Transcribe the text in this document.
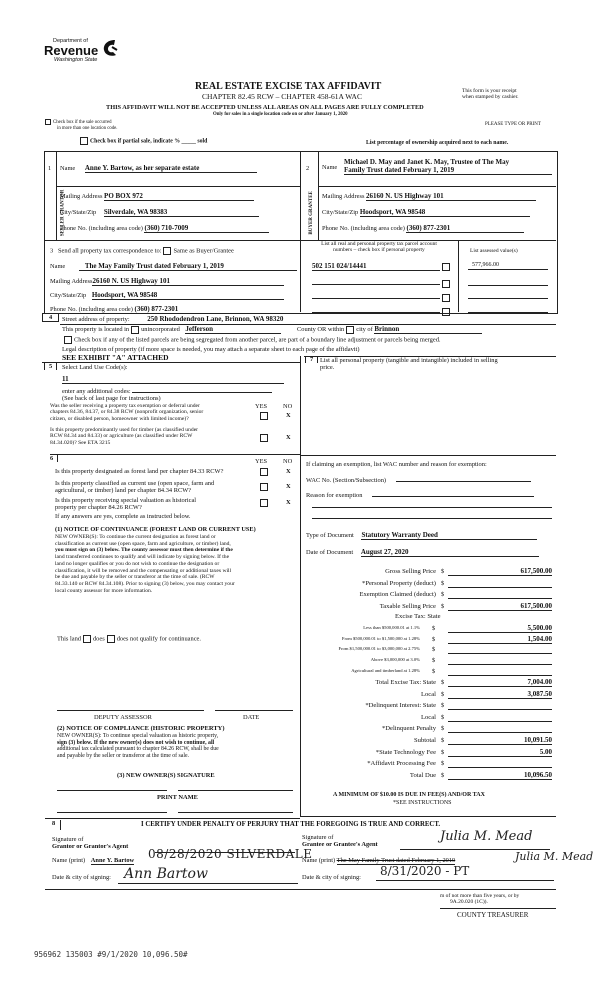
Department of
Revenue
Washington State
REAL ESTATE EXCISE TAX AFFIDAVIT
CHAPTER 82.45 RCW – CHAPTER 458-61A WAC
THIS AFFIDAVIT WILL NOT BE ACCEPTED UNLESS ALL AREAS ON ALL PAGES ARE FULLY COMPLETED
Only for sales in a single location code on or after January 1, 2020
This form is your receipt
when stamped by cashier.
Check box if the sale occurred
in more than one location code.
PLEASE TYPE OR PRINT
Check box if partial sale, indicate % _____ sold	List percentage of ownership acquired next to each name.
1
SELLER GRANTOR
Name Anne Y. Bartow, as her separate estate
Mailing Address PO BOX 972
City/State/Zip Silverdale, WA 98383
Phone No. (including area code) (360) 710-7009
2
BUYER GRANTEE
Name
Michael D. May and Janet K. May, Trustee of The May
Family Trust dated February 1, 2019
Mailing Address 26160 N. US Highway 101
City/State/Zip Hoodsport, WA 98548
Phone No. (including area code) (360) 877-2301
3 Send all property tax correspondence to: Same as Buyer/Grantee
Name	The May Family Trust dated February 1, 2019
Mailing Address26160 N. US Highway 101
City/State/Zip Hoodsport, WA 98548
Phone No. (including area code) (360) 877-2301
List all real and personal property tax parcel account
numbers – check box if personal property
502 151 024/14441
List assessed value(s)
577,966.00
4	Street address of property:	250 Rhododendron Lane, Brinnon, WA 98320
This property is located in unincorporated Jefferson	County OR within city of Brinnon
Check box if any of the listed parcels are being segregated from another parcel, are part of a boundary line adjustment or parcels being merged.
Legal description of property (if more space is needed, you may attach a separate sheet to each page of the affidavit)
SEE EXHIBIT "A" ATTACHED
5	Select Land Use Code(s):
11
enter any additional codes:
(See back of last page for instructions)
YES NO
Was the seller receiving a property tax exemption or deferral under
chapters 84.36, 84.37, or 84.38 RCW (nonprofit organization, senior
citizen, or disabled person, homeowner with limited income)?	X
Is this property predominantly used for timber (as classified under
RCW 84.34 and 84.33) or agriculture (as classified under RCW
84.34.020)? See ETA 3215
X
6	YES NO
Is this property designated as forest land per chapter 84.33 RCW?	X
Is this property classified as current use (open space, farm and
agricultural, or timber) land per chapter 84.34 RCW?
X
Is this property receiving special valuation as historical
property per chapter 84.26 RCW?
X
If any answers are yes, complete as instructed below.
(1) NOTICE OF CONTINUANCE (FOREST LAND OR CURRENT USE)
NEW OWNER(S): To continue the current designation as forest land or
classification as current use (open space, farm and agriculture, or timber) land,
you must sign on (3) below. The county assessor must then determine if the
land transferred continues to qualify and will indicate by signing below. If the
land no longer qualifies or you do not wish to continue the designation or
classification, it will be removed and the compensating or additional taxes will
be due and payable by the seller or transferor at the time of sale. (RCW
84.33.140 or RCW 84.34.108). Prior to signing (3) below, you may contact your
local county assessor for more information.
This land does does not qualify for continuance.
DEPUTY ASSESSOR	DATE
(2) NOTICE OF COMPLIANCE (HISTORIC PROPERTY)
NEW OWNER(S): To continue special valuation as historic property,
sign (3) below. If the new owner(s) does not wish to continue, all
additional tax calculated pursuant to chapter 84.26 RCW, shall be due
and payable by the seller or transferor at the time of sale.
(3) NEW OWNER(S) SIGNATURE
PRINT NAME
7	List all personal property (tangible and intangible) included in selling
price.
If claiming an exemption, list WAC number and reason for exemption:
WAC No. (Section/Subsection)
Reason for exemption
Type of Document Statutory Warranty Deed
Date of Document August 27, 2020
Gross Selling Price $	617,500.00
*Personal Property (deduct) $
Exemption Claimed (deduct) $
Taxable Selling Price $	617,500.00
Excise Tax: State
Less than $500,000.01 at 1.1% $	5,500.00
From $500,000.01 to $1,500,000 at 1.28% $	1,504.00
From $1,500,000.01 to $3,000,000 at 2.75% $
Above $3,000,000 at 3.0% $
Agricultural and timberland at 1.28% $
Total Excise Tax: State $	7,004.00
Local $	3,087.50
*Delinquent Interest: State $
Local $
*Delinquent Penalty $
Subtotal $	10,091.50
*State Technology Fee $	5.00
*Affidavit Processing Fee $
Total Due $	10,096.50
A MINIMUM OF $10.00 IS DUE IN FEE(S) AND/OR TAX
*SEE INSTRUCTIONS
8	I CERTIFY UNDER PENALTY OF PERJURY THAT THE FOREGOING IS TRUE AND CORRECT.
Signature of
Grantor or Grantor's Agent
Name (print) Anne Y. Bartow 08/28/2020 SILVERDALE
Date & city of signing: Ann Bartow
Signature of
Grantee or Grantee's Agent
Julia M. Mead
Name (print) The May Family Trust dated February 1, 2019	Julia M. Mead
Date & city of signing: 8/31/2020 - PT
m of not more than five years, or by
9A.20.020 (1C)).
COUNTY TREASURER
956962 135003 #9/1/2020 10,096.50#
